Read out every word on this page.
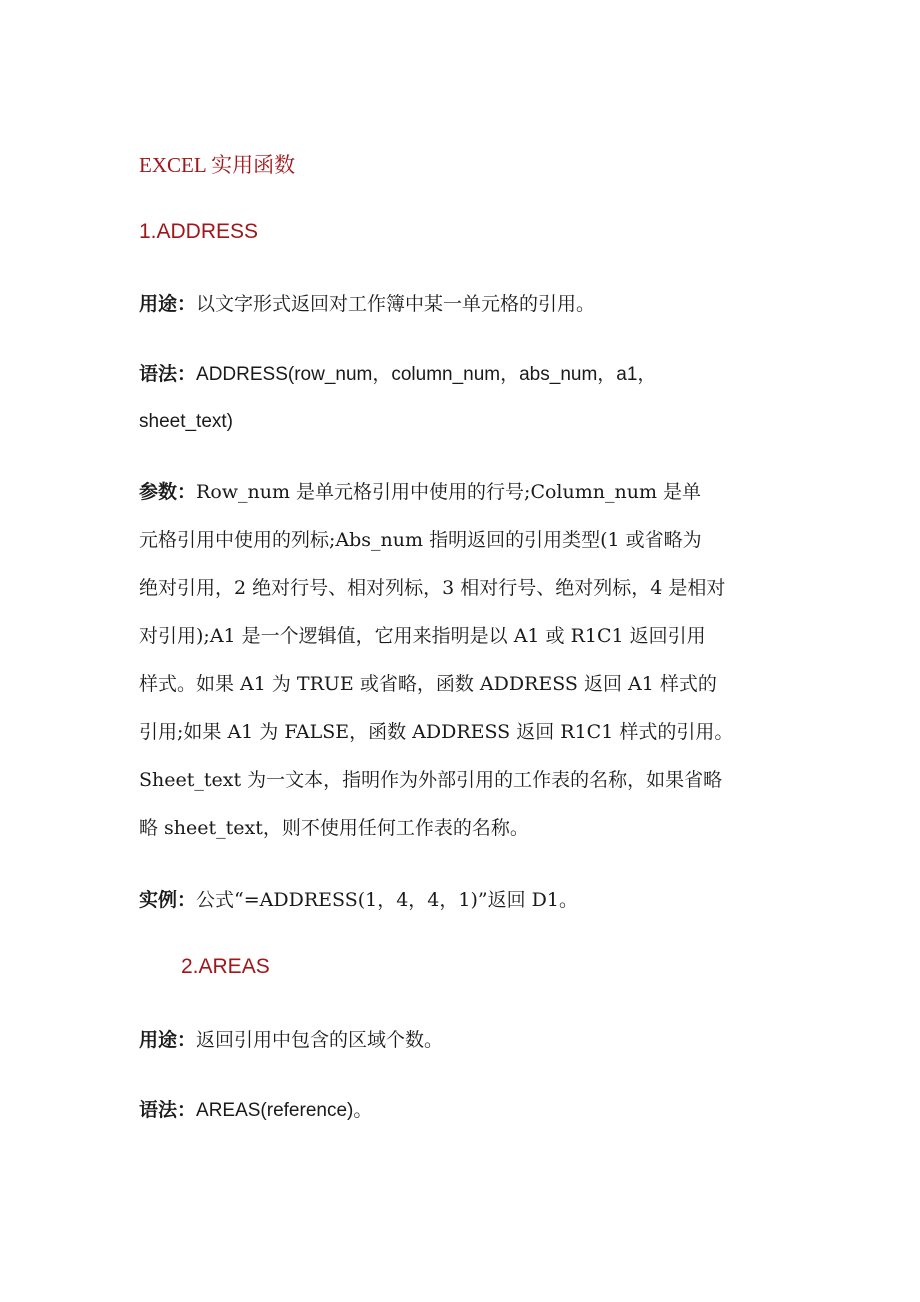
EXCEL 实用函数
1.ADDRESS
用途：以文字形式返回对工作簿中某一单元格的引用。
语法：ADDRESS(row_num，column_num，abs_num，a1，
sheet_text)
参数：Row_num 是单元格引用中使用的行号;Column_num 是单
元格引用中使用的列标;Abs_num 指明返回的引用类型(1 或省略为
绝对引用，2 绝对行号、相对列标，3 相对行号、绝对列标，4 是相对
对引用);A1 是一个逻辑值，它用来指明是以 A1 或 R1C1 返回引用
样式。如果 A1 为 TRUE 或省略，函数 ADDRESS 返回 A1 样式的
引用;如果 A1 为 FALSE，函数 ADDRESS 返回 R1C1 样式的引用。
Sheet_text 为一文本，指明作为外部引用的工作表的名称，如果省略
略 sheet_text，则不使用任何工作表的名称。
实例：公式“=ADDRESS(1，4，4，1)”返回 D1。
2.AREAS
用途：返回引用中包含的区域个数。
语法：AREAS(reference)。
